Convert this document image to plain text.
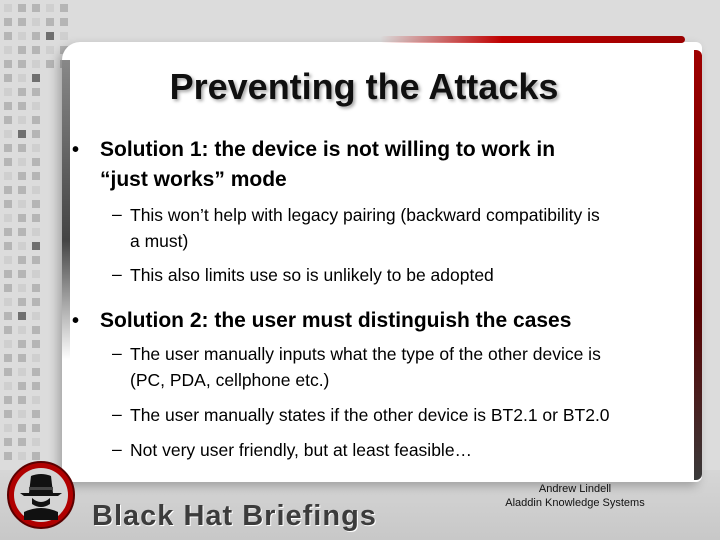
Preventing the Attacks
• Solution 1: the device is not willing to work in
“just works” mode
– This won’t help with legacy pairing (backward compatibility is
a must)
– This also limits use so is unlikely to be adopted
• Solution 2: the user must distinguish the cases
– The user manually inputs what the type of the other device is
(PC, PDA, cellphone etc.)
– The user manually states if the other device is BT2.1 or BT2.0
– Not very user friendly, but at least feasible…
Black Hat Briefings
Andrew Lindell
Aladdin Knowledge Systems
